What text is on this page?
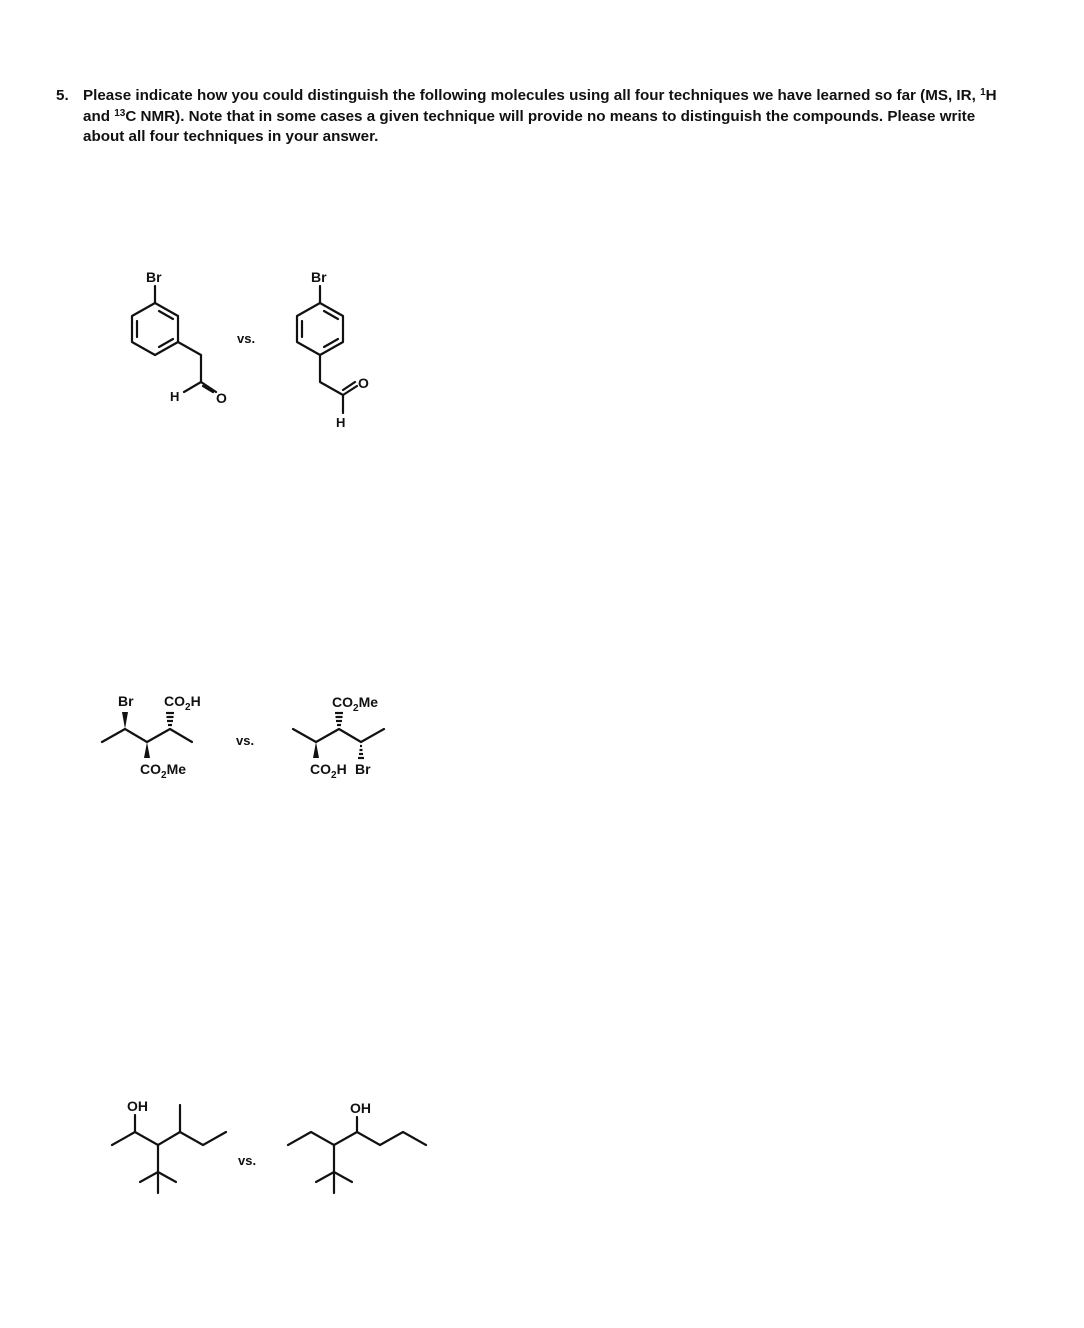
5. Please indicate how you could distinguish the following molecules using all four techniques we have learned so far (MS, IR, $^1$H
and $^{13}$C NMR). Note that in some cases a given technique will provide no means to distinguish the compounds. Please write
about all four techniques in your answer.
Br
H	O
vs.
Br
O
H
Br $CO_2H$
$CO_2Me$
vs.
$CO_2Me$
$CO_2H$ Br
OH
vs.
OH
